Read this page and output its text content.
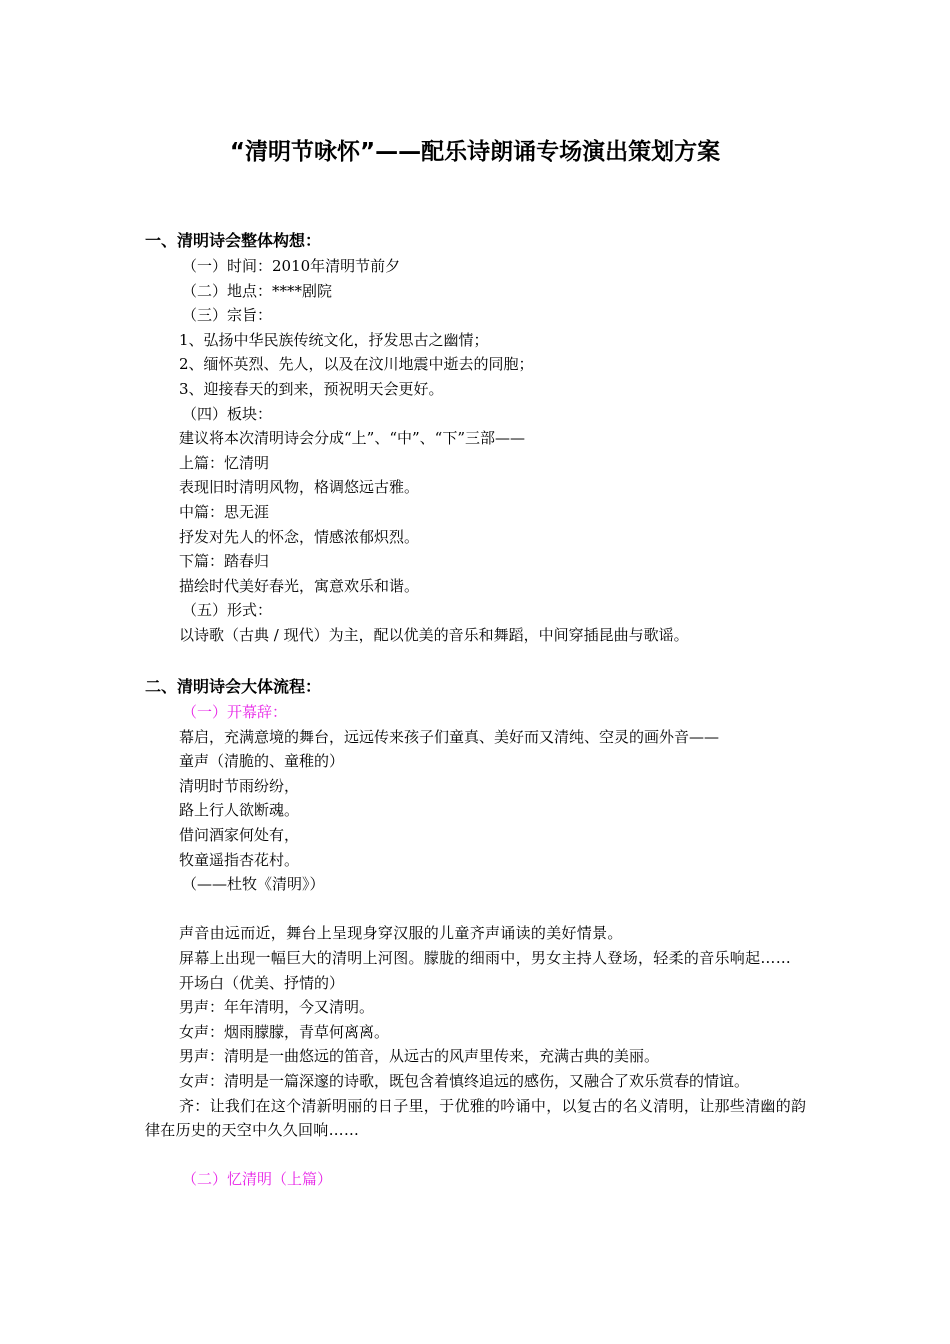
“清明节咏怀”——配乐诗朗诵专场演出策划方案
一、清明诗会整体构想：
（一）时间：2010年清明节前夕
（二）地点：****剧院
（三）宗旨：
1、弘扬中华民族传统文化，抒发思古之幽情；
2、缅怀英烈、先人，以及在汶川地震中逝去的同胞；
3、迎接春天的到来，预祝明天会更好。
（四）板块：
建议将本次清明诗会分成“上”、“中”、“下”三部——
上篇：忆清明
表现旧时清明风物，格调悠远古雅。
中篇：思无涯
抒发对先人的怀念，情感浓郁炽烈。
下篇：踏春归
描绘时代美好春光，寓意欢乐和谐。
（五）形式：
以诗歌（古典 / 现代）为主，配以优美的音乐和舞蹈，中间穿插昆曲与歌谣。
二、清明诗会大体流程：
（一）开幕辞：
幕启，充满意境的舞台，远远传来孩子们童真、美好而又清纯、空灵的画外音——
童声（清脆的、童稚的）
清明时节雨纷纷，
路上行人欲断魂。
借问酒家何处有，
牧童遥指杏花村。
（——杜牧《清明》）
声音由远而近，舞台上呈现身穿汉服的儿童齐声诵读的美好情景。
屏幕上出现一幅巨大的清明上河图。朦胧的细雨中，男女主持人登场，轻柔的音乐响起……
开场白（优美、抒情的）
男声：年年清明，今又清明。
女声：烟雨朦朦，青草何离离。
男声：清明是一曲悠远的笛音，从远古的风声里传来，充满古典的美丽。
女声：清明是一篇深邃的诗歌，既包含着慎终追远的感伤，又融合了欢乐赏春的情谊。
齐：让我们在这个清新明丽的日子里，于优雅的吟诵中，以复古的名义清明，让那些清幽的韵律在历史的天空中久久回响……
（二）忆清明（上篇）
